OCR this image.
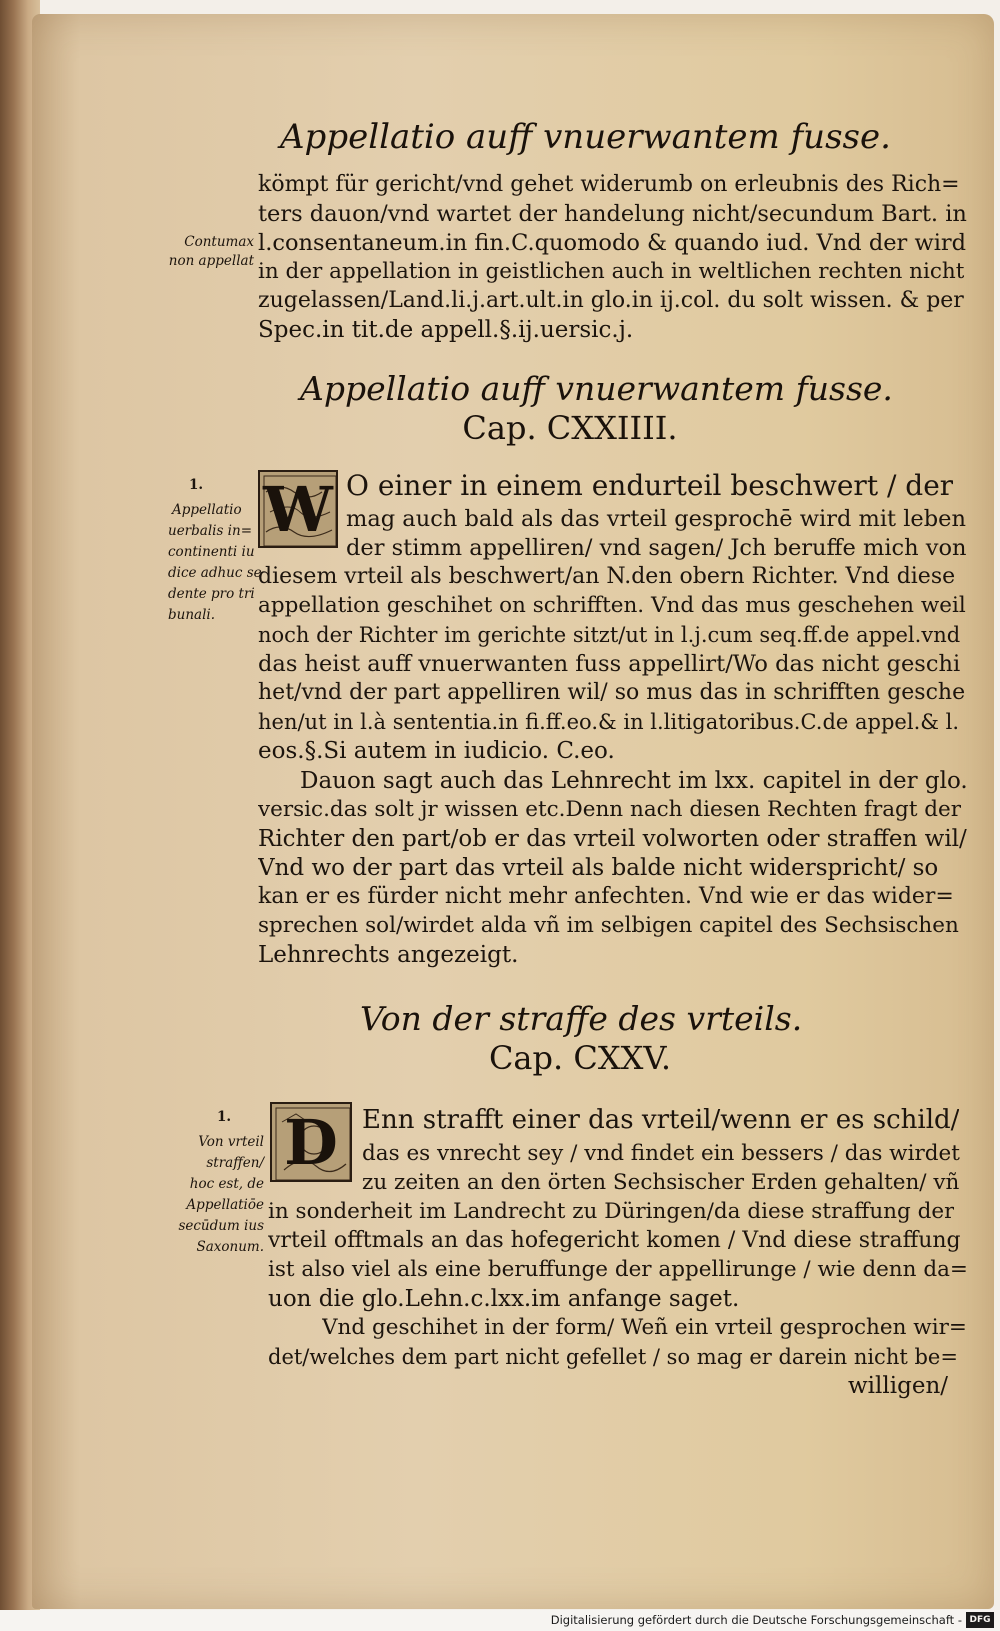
Appellatio auff vnuerwantem fusse.
kömpt für gericht/vnd gehet widerumb on erleubnis des Rich=
ters dauon/vnd wartet der handelung nicht/secundum Bart. in
l.consentaneum.in fin.C.quomodo & quando iud. Vnd der wird
in der appellation in geistlichen auch in weltlichen rechten nicht
zugelassen/Land.li.j.art.ult.in glo.in ij.col. du solt wissen. & per
Spec.in tit.de appell.§.ij.uersic.j.
Contumax
non appellat
Appellatio auff vnuerwantem fusse.
Cap. CXXIIII.
1.
Appellatio
uerbalis in=
continenti iu
dice adhuc se
dente pro tri
bunali.
W O einer in einem endurteil beschwert / der
mag auch bald als das vrteil gesprochē wird mit leben
der stimm appelliren/ vnd sagen/ Jch beruffe mich von
diesem vrteil als beschwert/an N.den obern Richter. Vnd diese
appellation geschihet on schrifften. Vnd das mus geschehen weil
noch der Richter im gerichte sitzt/ut in l.j.cum seq.ff.de appel.vnd
das heist auff vnuerwanten fuss appellirt/Wo das nicht geschi
het/vnd der part appelliren wil/ so mus das in schrifften gesche
hen/ut in l.à sententia.in fi.ff.eo.& in l.litigatoribus.C.de appel.& l.
eos.§.Si autem in iudicio. C.eo.
Dauon sagt auch das Lehnrecht im lxx. capitel in der glo.
versic.das solt jr wissen etc.Denn nach diesen Rechten fragt der
Richter den part/ob er das vrteil volworten oder straffen wil/
Vnd wo der part das vrteil als balde nicht widerspricht/ so
kan er es fürder nicht mehr anfechten. Vnd wie er das wider=
sprechen sol/wirdet alda vñ im selbigen capitel des Sechsischen
Lehnrechts angezeigt.
Von der straffe des vrteils.
Cap. CXXV.
1.
Von vrteil
straffen/
hoc est, de
Appellatiōe
secūdum ius
Saxonum.
D Enn strafft einer das vrteil/wenn er es schild/
das es vnrecht sey / vnd findet ein bessers / das wirdet
zu zeiten an den örten Sechsischer Erden gehalten/ vñ
in sonderheit im Landrecht zu Düringen/da diese straffung der
vrteil offtmals an das hofegericht komen / Vnd diese straffung
ist also viel als eine beruffunge der appellirunge / wie denn da=
uon die glo.Lehn.c.lxx.im anfange saget.
Vnd geschihet in der form/ Weñ ein vrteil gesprochen wir=
det/welches dem part nicht gefellet / so mag er darein nicht be=
willigen/
Digitalisierung gefördert durch die Deutsche Forschungsgemeinschaft - DFG
